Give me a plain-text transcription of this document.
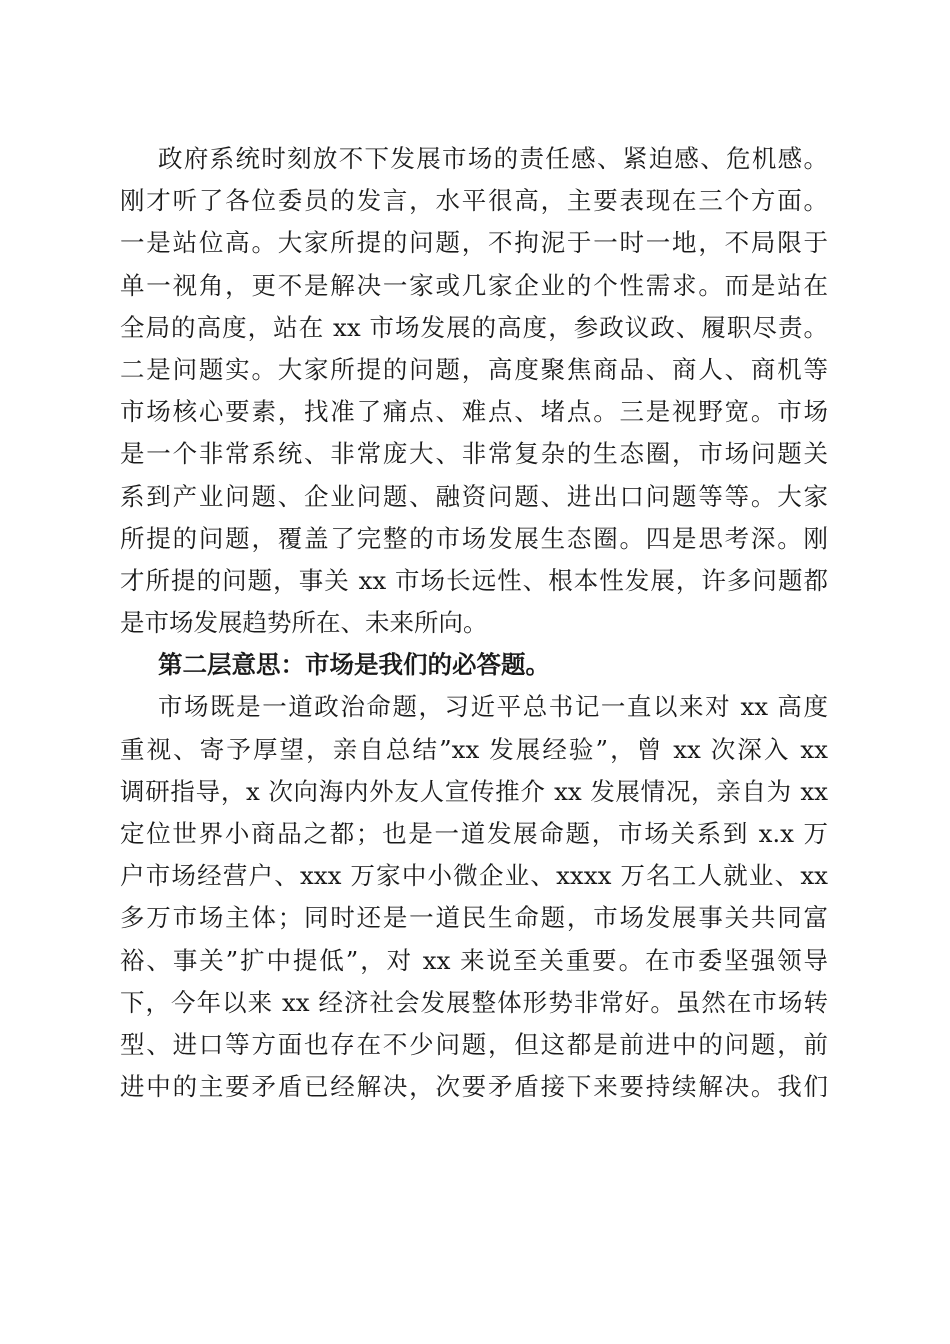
政府系统时刻放不下发展市场的责任感、紧迫感、危机感。
刚才听了各位委员的发言，水平很高，主要表现在三个方面。
一是站位高。大家所提的问题，不拘泥于一时一地，不局限于
单一视角，更不是解决一家或几家企业的个性需求。而是站在
全局的高度，站在 xx 市场发展的高度，参政议政、履职尽责。
二是问题实。大家所提的问题，高度聚焦商品、商人、商机等
市场核心要素，找准了痛点、难点、堵点。三是视野宽。市场
是一个非常系统、非常庞大、非常复杂的生态圈，市场问题关
系到产业问题、企业问题、融资问题、进出口问题等等。大家
所提的问题，覆盖了完整的市场发展生态圈。四是思考深。刚
才所提的问题，事关 xx 市场长远性、根本性发展，许多问题都
是市场发展趋势所在、未来所向。
第二层意思：市场是我们的必答题。
市场既是一道政治命题，习近平总书记一直以来对 xx 高度
重视、寄予厚望，亲自总结”xx 发展经验”，曾 xx 次深入 xx
调研指导，x 次向海内外友人宣传推介 xx 发展情况，亲自为 xx
定位世界小商品之都；也是一道发展命题，市场关系到 x.x 万
户市场经营户、xxx 万家中小微企业、xxxx 万名工人就业、xx
多万市场主体；同时还是一道民生命题，市场发展事关共同富
裕、事关”扩中提低”，对 xx 来说至关重要。在市委坚强领导
下，今年以来 xx 经济社会发展整体形势非常好。虽然在市场转
型、进口等方面也存在不少问题，但这都是前进中的问题，前
进中的主要矛盾已经解决，次要矛盾接下来要持续解决。我们
